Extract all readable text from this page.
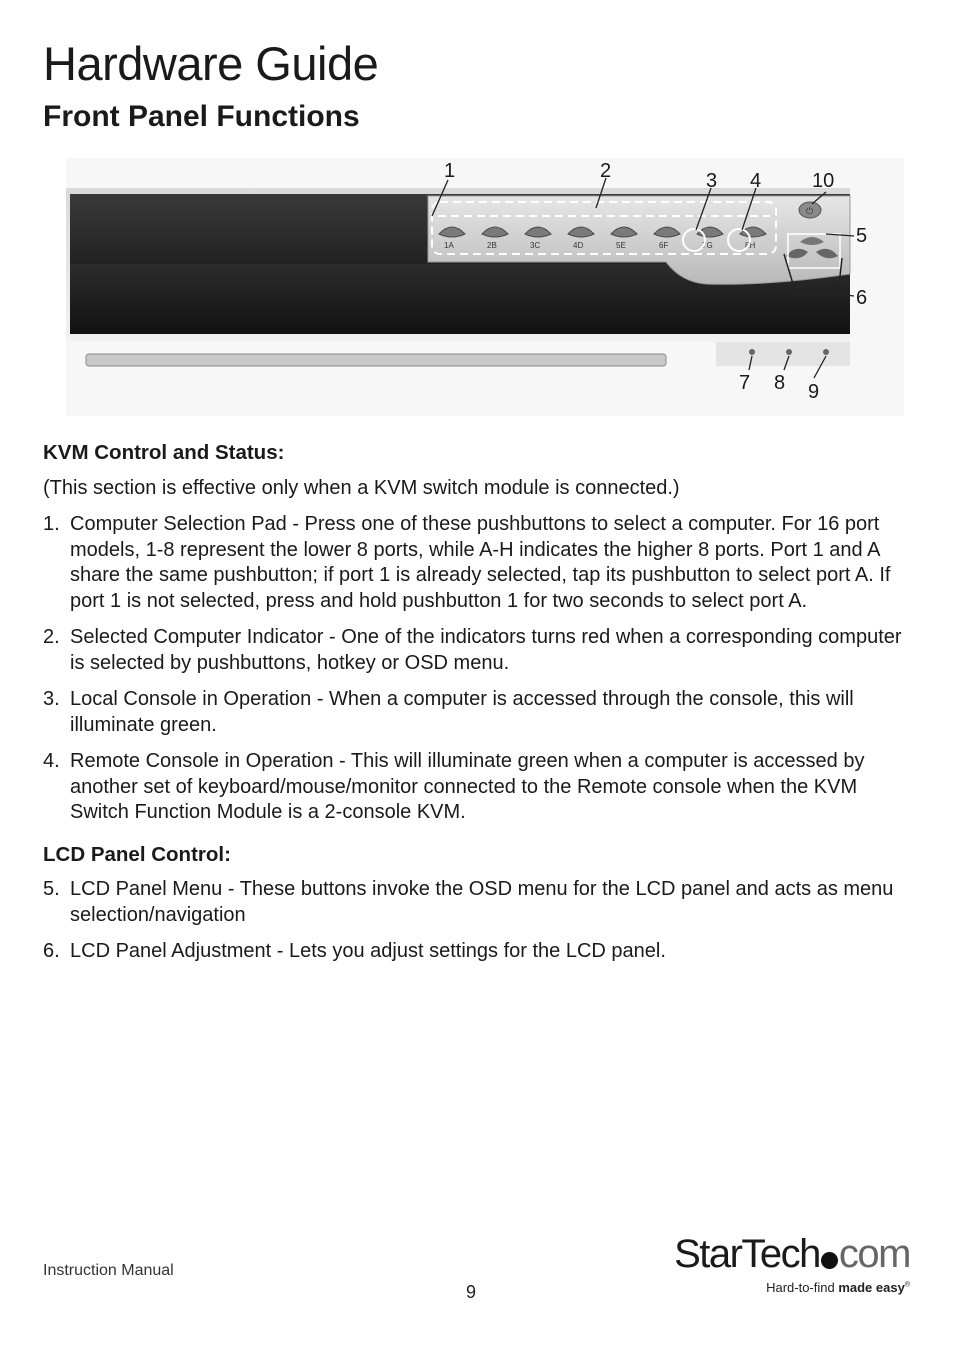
Hardware Guide
Front Panel Functions
1A	2B	3C	4D	5E	6F	7G	8H
⏻
1	2	3 4	10
5
6
7 8 9
KVM Control and Status:

(This section is effective only when a KVM switch module is connected.)

1. Computer Selection Pad - Press one of these pushbuttons to select a computer. For 16 port models, 1-8 represent the lower 8 ports, while A-H indicates the higher 8 ports. Port 1 and A share the same pushbutton; if port 1 is already selected, tap its pushbutton to select port A. If port 1 is not selected, press and hold pushbutton 1 for two seconds to select port A.
2. Selected Computer Indicator - One of the indicators turns red when a corresponding computer is selected by pushbuttons, hotkey or OSD menu.
3. Local Console in Operation - When a computer is accessed through the console, this will illuminate green.
4. Remote Console in Operation - This will illuminate green when a computer is accessed by another set of keyboard/mouse/monitor connected to the Remote console when the KVM Switch Function Module is a 2-console KVM.
LCD Panel Control:
5. LCD Panel Menu - These buttons invoke the OSD menu for the LCD panel and acts as menu selection/navigation
6. LCD Panel Adjustment - Lets you adjust settings for the LCD panel.
Instruction Manual
9
StarTech com
Hard-to-find made easy®
